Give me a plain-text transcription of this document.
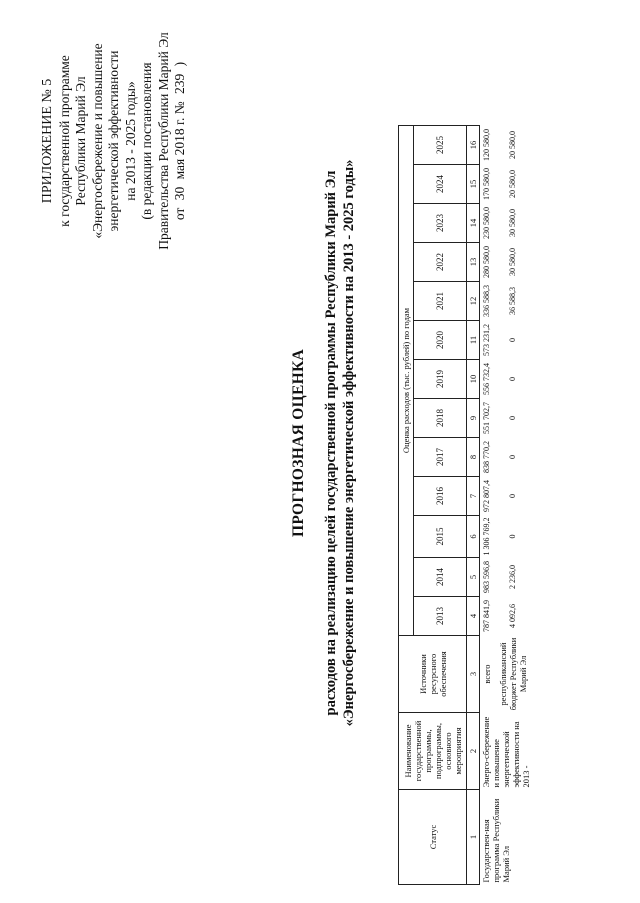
ПРИЛОЖЕНИЕ № 5 к государственной программе Республики Марий Эл «Энергосбережение и повышение энергетической эффективности на 2013 - 2025 годы» (в редакции постановления Правительства Республики Марий Эл от 30 мая 2018 г. № 239 )
ПРОГНОЗНАЯ ОЦЕНКА расходов на реализацию целей государственной программы Республики Марий Эл «Энергосбережение и повышение энергетической эффективности на 2013 - 2025 годы»
Статус	Наименование государственной программы, подпрограммы, основного мероприятия	Источники ресурсного обеспечения	Оценка расходов (тыс. рублей) по годам												
			2013	2014	2015	2016	2017	2018	2019	2020	2021	2022	2023	2024	2025
1	2	3	4	5	6	7	8	9	10	11	12	13	14	15	16
Государствен-ная программа Республики Марий Эл	Энерго-сбережение и повышение энергетической эффективности на 2013 -	всего	787 841,9	983 596,8	1 306 769,2	972 807,4	838 770,2	551 702,7	556 732,4	573 231,2	336 588,3	280 580,0	230 580,0	170 580,0	120 580,0
		республиканский бюджет Республики Марий Эл	4 092,6	2 236,0	0	0	0	0	0	0	36 588,3	30 580,0	30 580,0	20 580,0	20 580,0
